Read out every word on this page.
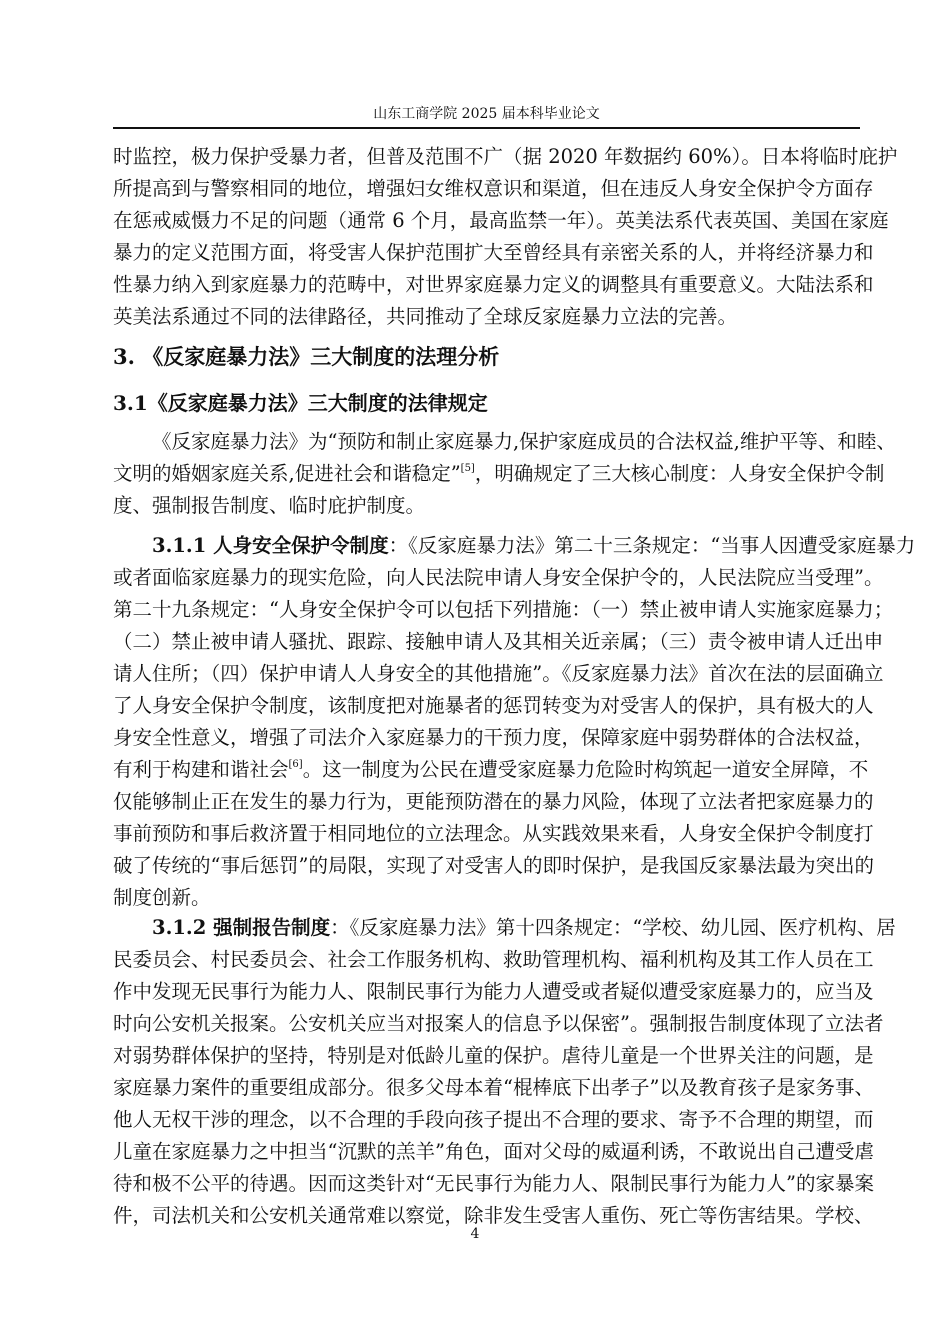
山东工商学院 2025 届本科毕业论文
时监控，极力保护受暴力者，但普及范围不广（据 2020 年数据约 60%）。日本将临时庇护
所提高到与警察相同的地位，增强妇女维权意识和渠道，但在违反人身安全保护令方面存
在惩戒威慑力不足的问题（通常 6 个月，最高监禁一年）。英美法系代表英国、美国在家庭
暴力的定义范围方面，将受害人保护范围扩大至曾经具有亲密关系的人，并将经济暴力和
性暴力纳入到家庭暴力的范畴中，对世界家庭暴力定义的调整具有重要意义。大陆法系和
英美法系通过不同的法律路径，共同推动了全球反家庭暴力立法的完善。
3. 《反家庭暴力法》三大制度的法理分析
3.1《反家庭暴力法》三大制度的法律规定
《反家庭暴力法》为“预防和制止家庭暴力,保护家庭成员的合法权益,维护平等、和睦、
文明的婚姻家庭关系,促进社会和谐稳定”[5]，明确规定了三大核心制度：人身安全保护令制
度、强制报告制度、临时庇护制度。
3.1.1 人身安全保护令制度：《反家庭暴力法》第二十三条规定：“当事人因遭受家庭暴力
或者面临家庭暴力的现实危险，向人民法院申请人身安全保护令的，人民法院应当受理”。
第二十九条规定：“人身安全保护令可以包括下列措施：（一）禁止被申请人实施家庭暴力；
（二）禁止被申请人骚扰、跟踪、接触申请人及其相关近亲属；（三）责令被申请人迁出申
请人住所；（四）保护申请人人身安全的其他措施”。《反家庭暴力法》首次在法的层面确立
了人身安全保护令制度，该制度把对施暴者的惩罚转变为对受害人的保护，具有极大的人
身安全性意义，增强了司法介入家庭暴力的干预力度，保障家庭中弱势群体的合法权益，
有利于构建和谐社会[6]。这一制度为公民在遭受家庭暴力危险时构筑起一道安全屏障，不
仅能够制止正在发生的暴力行为，更能预防潜在的暴力风险，体现了立法者把家庭暴力的
事前预防和事后救济置于相同地位的立法理念。从实践效果来看，人身安全保护令制度打
破了传统的“事后惩罚”的局限，实现了对受害人的即时保护，是我国反家暴法最为突出的
制度创新。
3.1.2 强制报告制度：《反家庭暴力法》第十四条规定：“学校、幼儿园、医疗机构、居
民委员会、村民委员会、社会工作服务机构、救助管理机构、福利机构及其工作人员在工
作中发现无民事行为能力人、限制民事行为能力人遭受或者疑似遭受家庭暴力的，应当及
时向公安机关报案。公安机关应当对报案人的信息予以保密”。强制报告制度体现了立法者
对弱势群体保护的坚持，特别是对低龄儿童的保护。虐待儿童是一个世界关注的问题，是
家庭暴力案件的重要组成部分。很多父母本着“棍棒底下出孝子”以及教育孩子是家务事、
他人无权干涉的理念，以不合理的手段向孩子提出不合理的要求、寄予不合理的期望，而
儿童在家庭暴力之中担当“沉默的羔羊”角色，面对父母的威逼利诱，不敢说出自己遭受虐
待和极不公平的待遇。因而这类针对“无民事行为能力人、限制民事行为能力人”的家暴案
件，司法机关和公安机关通常难以察觉，除非发生受害人重伤、死亡等伤害结果。学校、
4
